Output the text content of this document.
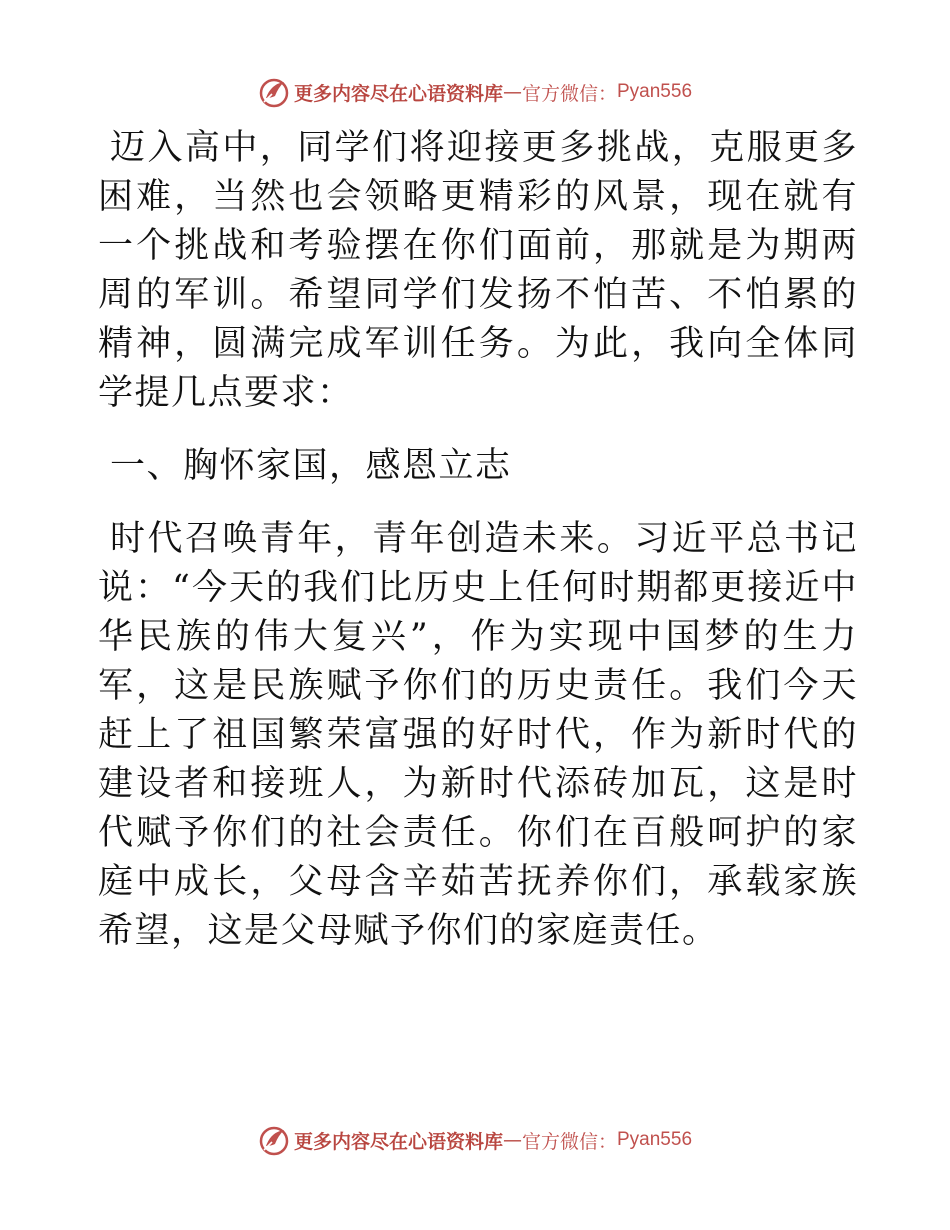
更多内容尽在心语资料库 — 官方微信： Pyan556

迈入高中，同学们将迎接更多挑战，克服更多困难，当然也会领略更精彩的风景，现在就有一个挑战和考验摆在你们面前，那就是为期两周的军训。希望同学们发扬不怕苦、不怕累的精神，圆满完成军训任务。为此，我向全体同学提几点要求：

一、胸怀家国，感恩立志

时代召唤青年，青年创造未来。习近平总书记说：“今天的我们比历史上任何时期都更接近中华民族的伟大复兴”，作为实现中国梦的生力军，这是民族赋予你们的历史责任。我们今天赶上了祖国繁荣富强的好时代，作为新时代的建设者和接班人，为新时代添砖加瓦，这是时代赋予你们的社会责任。你们在百般呵护的家庭中成长，父母含辛茹苦抚养你们，承载家族希望，这是父母赋予你们的家庭责任。

更多内容尽在心语资料库 — 官方微信： Pyan556
